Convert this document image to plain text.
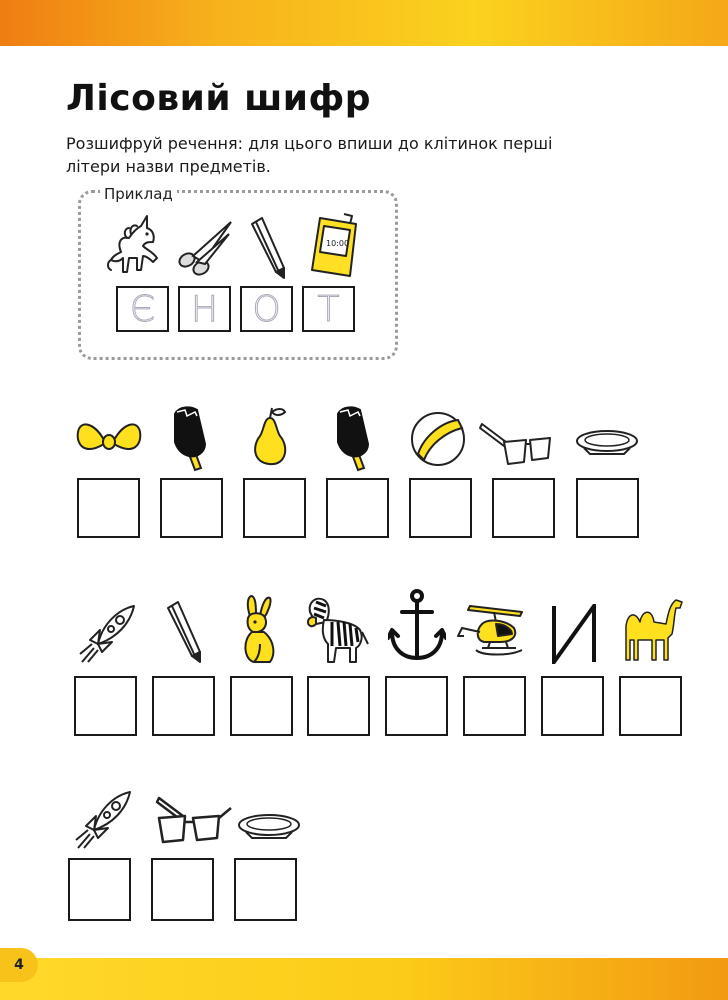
Лісовий шифр
Розшифруй речення: для цього впиши до клітинок перші літери назви предметів.
Приклад
10:00
Є Н О	Т
4
